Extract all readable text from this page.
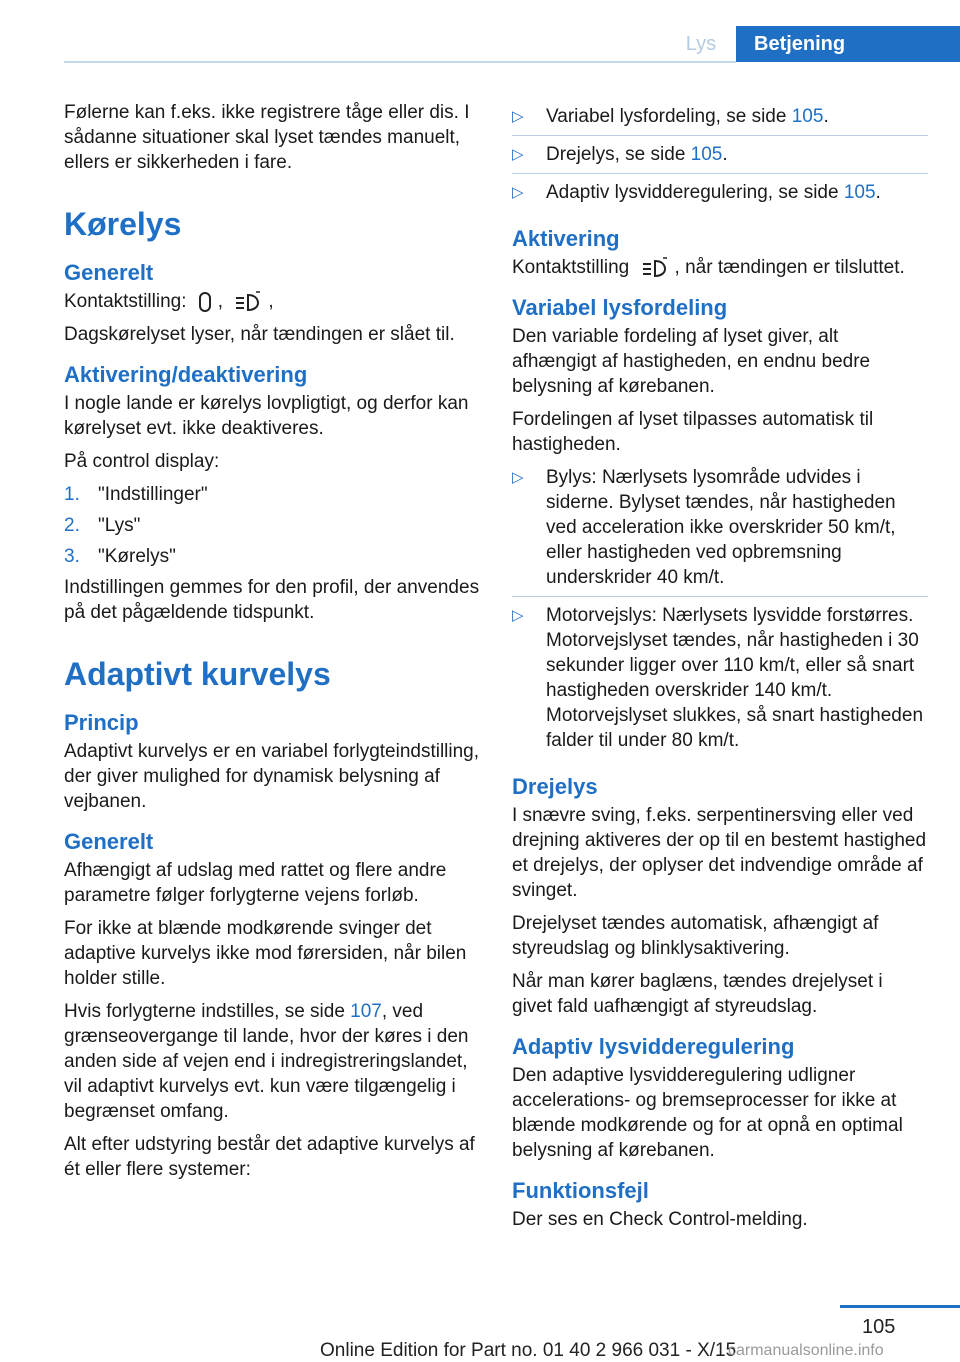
Lys	Betjening

Følerne kan f.eks. ikke registrere tåge eller dis. I sådanne situationer skal lyset tændes manuelt, ellers er sikkerheden i fare.

Kørelys
Generelt

Kontaktstilling: , ,

Dagskørelyset lyser, når tændingen er slået til.

Aktivering/deaktivering

I nogle lande er kørelys lovpligtigt, og derfor kan kørelyset evt. ikke deaktiveres.

På control display:

1. "Indstillinger"
2. "Lys"
3. "Kørelys"

Indstillingen gemmes for den profil, der anvendes på det pågældende tidspunkt.

Adaptivt kurvelys
Princip

Adaptivt kurvelys er en variabel forlygteindstilling, der giver mulighed for dynamisk belysning af vejbanen.

Generelt

Afhængigt af udslag med rattet og flere andre parametre følger forlygterne vejens forløb.

For ikke at blænde modkørende svinger det adaptive kurvelys ikke mod førersiden, når bilen holder stille.

Hvis forlygterne indstilles, se side 107, ved grænseovergange til lande, hvor der køres i den anden side af vejen end i indregistreringslandet, vil adaptivt kurvelys evt. kun være tilgængelig i begrænset omfang.

Alt efter udstyring består det adaptive kurvelys af ét eller flere systemer:

▷	Variabel lysfordeling, se side 105.
▷	Drejelys, se side 105.
▷	Adaptiv lysvidderegulering, se side 105.
Aktivering

Kontaktstilling , når tændingen er tilsluttet.

Variabel lysfordeling

Den variable fordeling af lyset giver, alt afhængigt af hastigheden, en endnu bedre belysning af kørebanen.

Fordelingen af lyset tilpasses automatisk til hastigheden.

▷	Bylys: Nærlysets lysområde udvides i siderne. Bylyset tændes, når hastigheden ved acceleration ikke overskrider 50 km/t, eller hastigheden ved opbremsning underskrider 40 km/t.
▷	Motorvejslys: Nærlysets lysvidde forstørres. Motorvejslyset tændes, når hastigheden i 30 sekunder ligger over 110 km/t, eller så snart hastigheden overskrider 140 km/t. Motorvejslyset slukkes, så snart hastigheden falder til under 80 km/t.
Drejelys

I snævre sving, f.eks. serpentinersving eller ved drejning aktiveres der op til en bestemt hastighed et drejelys, der oplyser det indvendige område af svinget.

Drejelyset tændes automatisk, afhængigt af styreudslag og blinklysaktivering.

Når man kører baglæns, tændes drejelyset i givet fald uafhængigt af styreudslag.

Adaptiv lysvidderegulering

Den adaptive lysvidderegulering udligner accelerations- og bremseprocesser for ikke at blænde modkørende og for at opnå en optimal belysning af kørebanen.

Funktionsfejl

Der ses en Check Control-melding.

105
Online Edition for Part no. 01 40 2 966 031 - X/15
carmanualsonline.info
